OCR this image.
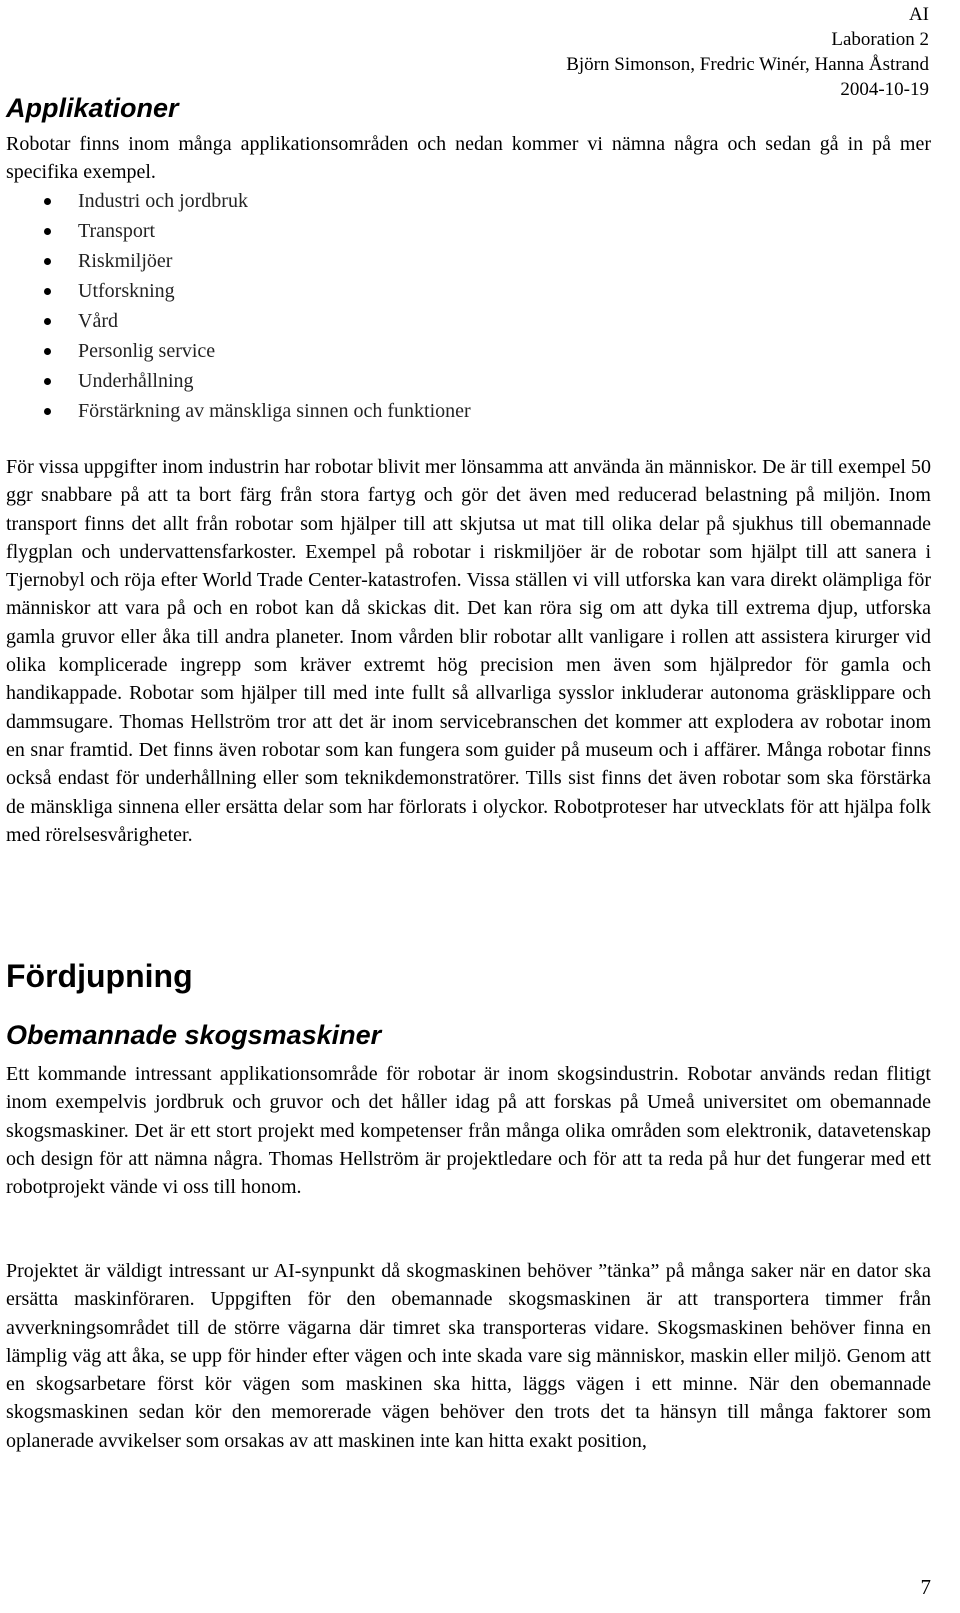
AI
Laboration 2
Björn Simonson, Fredric Winér, Hanna Åstrand
2004-10-19
Applikationer

Robotar finns inom många applikationsområden och nedan kommer vi nämna några och sedan gå in på mer specifika exempel.

Industri och jordbruk
Transport
Riskmiljöer
Utforskning
Vård
Personlig service
Underhållning
Förstärkning av mänskliga sinnen och funktioner

För vissa uppgifter inom industrin har robotar blivit mer lönsamma att använda än människor. De är till exempel 50 ggr snabbare på att ta bort färg från stora fartyg och gör det även med reducerad belastning på miljön. Inom transport finns det allt från robotar som hjälper till att skjutsa ut mat till olika delar på sjukhus till obemannade flygplan och undervattensfarkoster. Exempel på robotar i riskmiljöer är de robotar som hjälpt till att sanera i Tjernobyl och röja efter World Trade Center-katastrofen. Vissa ställen vi vill utforska kan vara direkt olämpliga för människor att vara på och en robot kan då skickas dit. Det kan röra sig om att dyka till extrema djup, utforska gamla gruvor eller åka till andra planeter. Inom vården blir robotar allt vanligare i rollen att assistera kirurger vid olika komplicerade ingrepp som kräver extremt hög precision men även som hjälpredor för gamla och handikappade. Robotar som hjälper till med inte fullt så allvarliga sysslor inkluderar autonoma gräsklippare och dammsugare. Thomas Hellström tror att det är inom servicebranschen det kommer att explodera av robotar inom en snar framtid. Det finns även robotar som kan fungera som guider på museum och i affärer. Många robotar finns också endast för underhållning eller som teknikdemonstratörer. Tills sist finns det även robotar som ska förstärka de mänskliga sinnena eller ersätta delar som har förlorats i olyckor. Robotproteser har utvecklats för att hjälpa folk med rörelsesvårigheter.

Fördjupning
Obemannade skogsmaskiner

Ett kommande intressant applikationsområde för robotar är inom skogsindustrin. Robotar används redan flitigt inom exempelvis jordbruk och gruvor och det håller idag på att forskas på Umeå universitet om obemannade skogsmaskiner. Det är ett stort projekt med kompetenser från många olika områden som elektronik, datavetenskap och design för att nämna några. Thomas Hellström är projektledare och för att ta reda på hur det fungerar med ett robotprojekt vände vi oss till honom.

Projektet är väldigt intressant ur AI-synpunkt då skogmaskinen behöver ”tänka” på många saker när en dator ska ersätta maskinföraren. Uppgiften för den obemannade skogsmaskinen är att transportera timmer från avverkningsområdet till de större vägarna där timret ska transporteras vidare. Skogsmaskinen behöver finna en lämplig väg att åka, se upp för hinder efter vägen och inte skada vare sig människor, maskin eller miljö. Genom att en skogsarbetare först kör vägen som maskinen ska hitta, läggs vägen i ett minne. När den obemannade skogsmaskinen sedan kör den memorerade vägen behöver den trots det ta hänsyn till många faktorer som oplanerade avvikelser som orsakas av att maskinen inte kan hitta exakt position,

7
